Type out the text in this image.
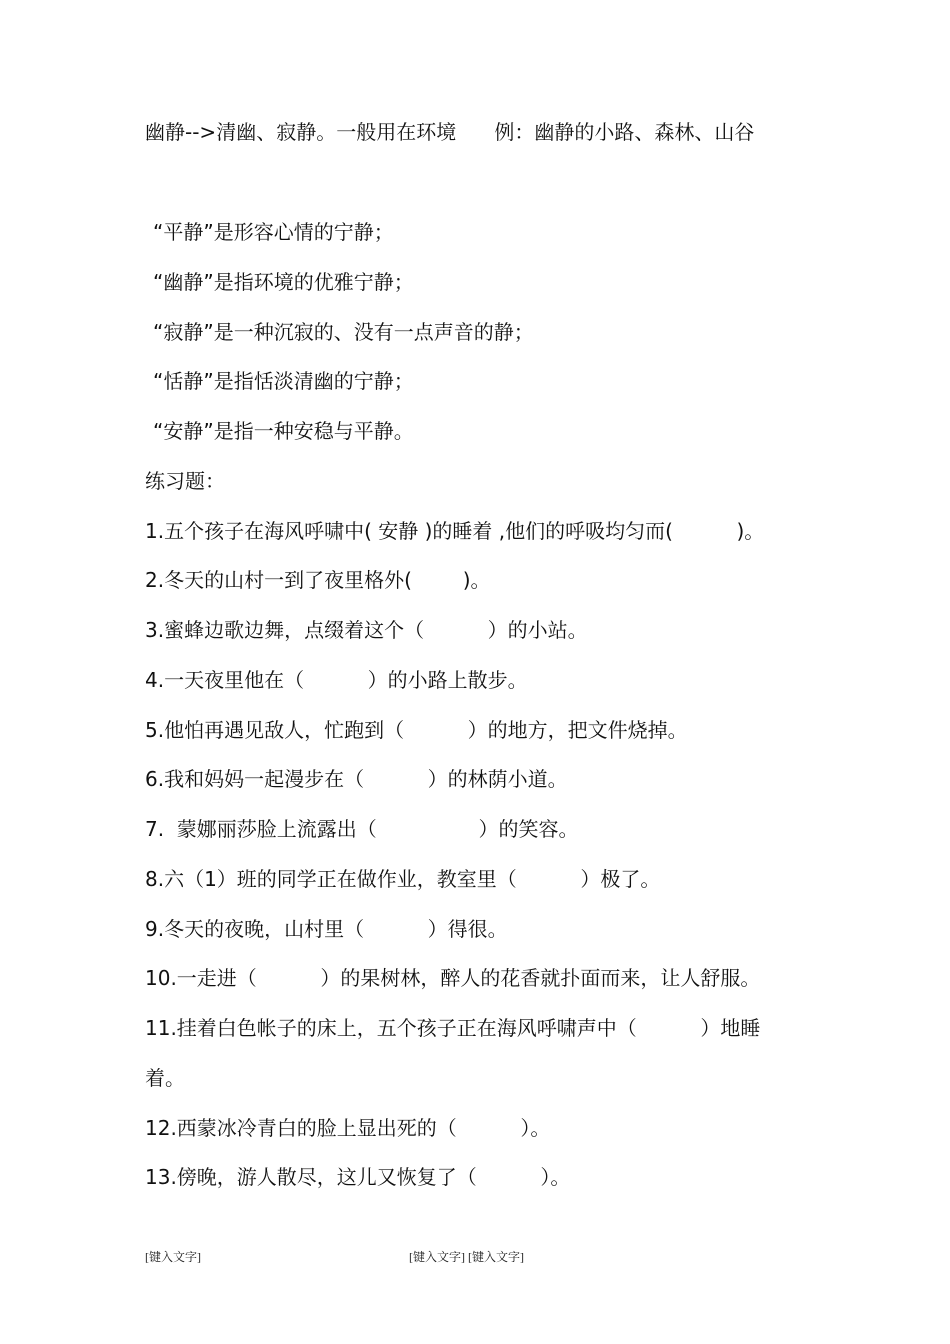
幽静-->清幽、寂静。一般用在环境      例：幽静的小路、森林、山谷
“平静”是形容心情的宁静；
“幽静”是指环境的优雅宁静；
“寂静”是一种沉寂的、没有一点声音的静；
“恬静”是指恬淡清幽的宁静；
“安静”是指一种安稳与平静。
练习题：
1.五个孩子在海风呼啸中( 安静 )的睡着 ,他们的呼吸均匀而(          )。
2.冬天的山村一到了夜里格外(        )。
3.蜜蜂边歌边舞，点缀着这个（          ）的小站。
4.一天夜里他在（          ）的小路上散步。
5.他怕再遇见敌人，忙跑到（          ）的地方，把文件烧掉。
6.我和妈妈一起漫步在（          ）的林荫小道。
7.  蒙娜丽莎脸上流露出（                ）的笑容。
8.六（1）班的同学正在做作业，教室里（          ）极了。
9.冬天的夜晚，山村里（          ）得很。
10.一走进（          ）的果树林，醉人的花香就扑面而来，让人舒服。
11.挂着白色帐子的床上，五个孩子正在海风呼啸声中（          ）地睡
着。
12.西蒙冰冷青白的脸上显出死的（          ）。
13.傍晚，游人散尽，这儿又恢复了（          ）。
[键入文字]	[键入文字] [键入文字]
